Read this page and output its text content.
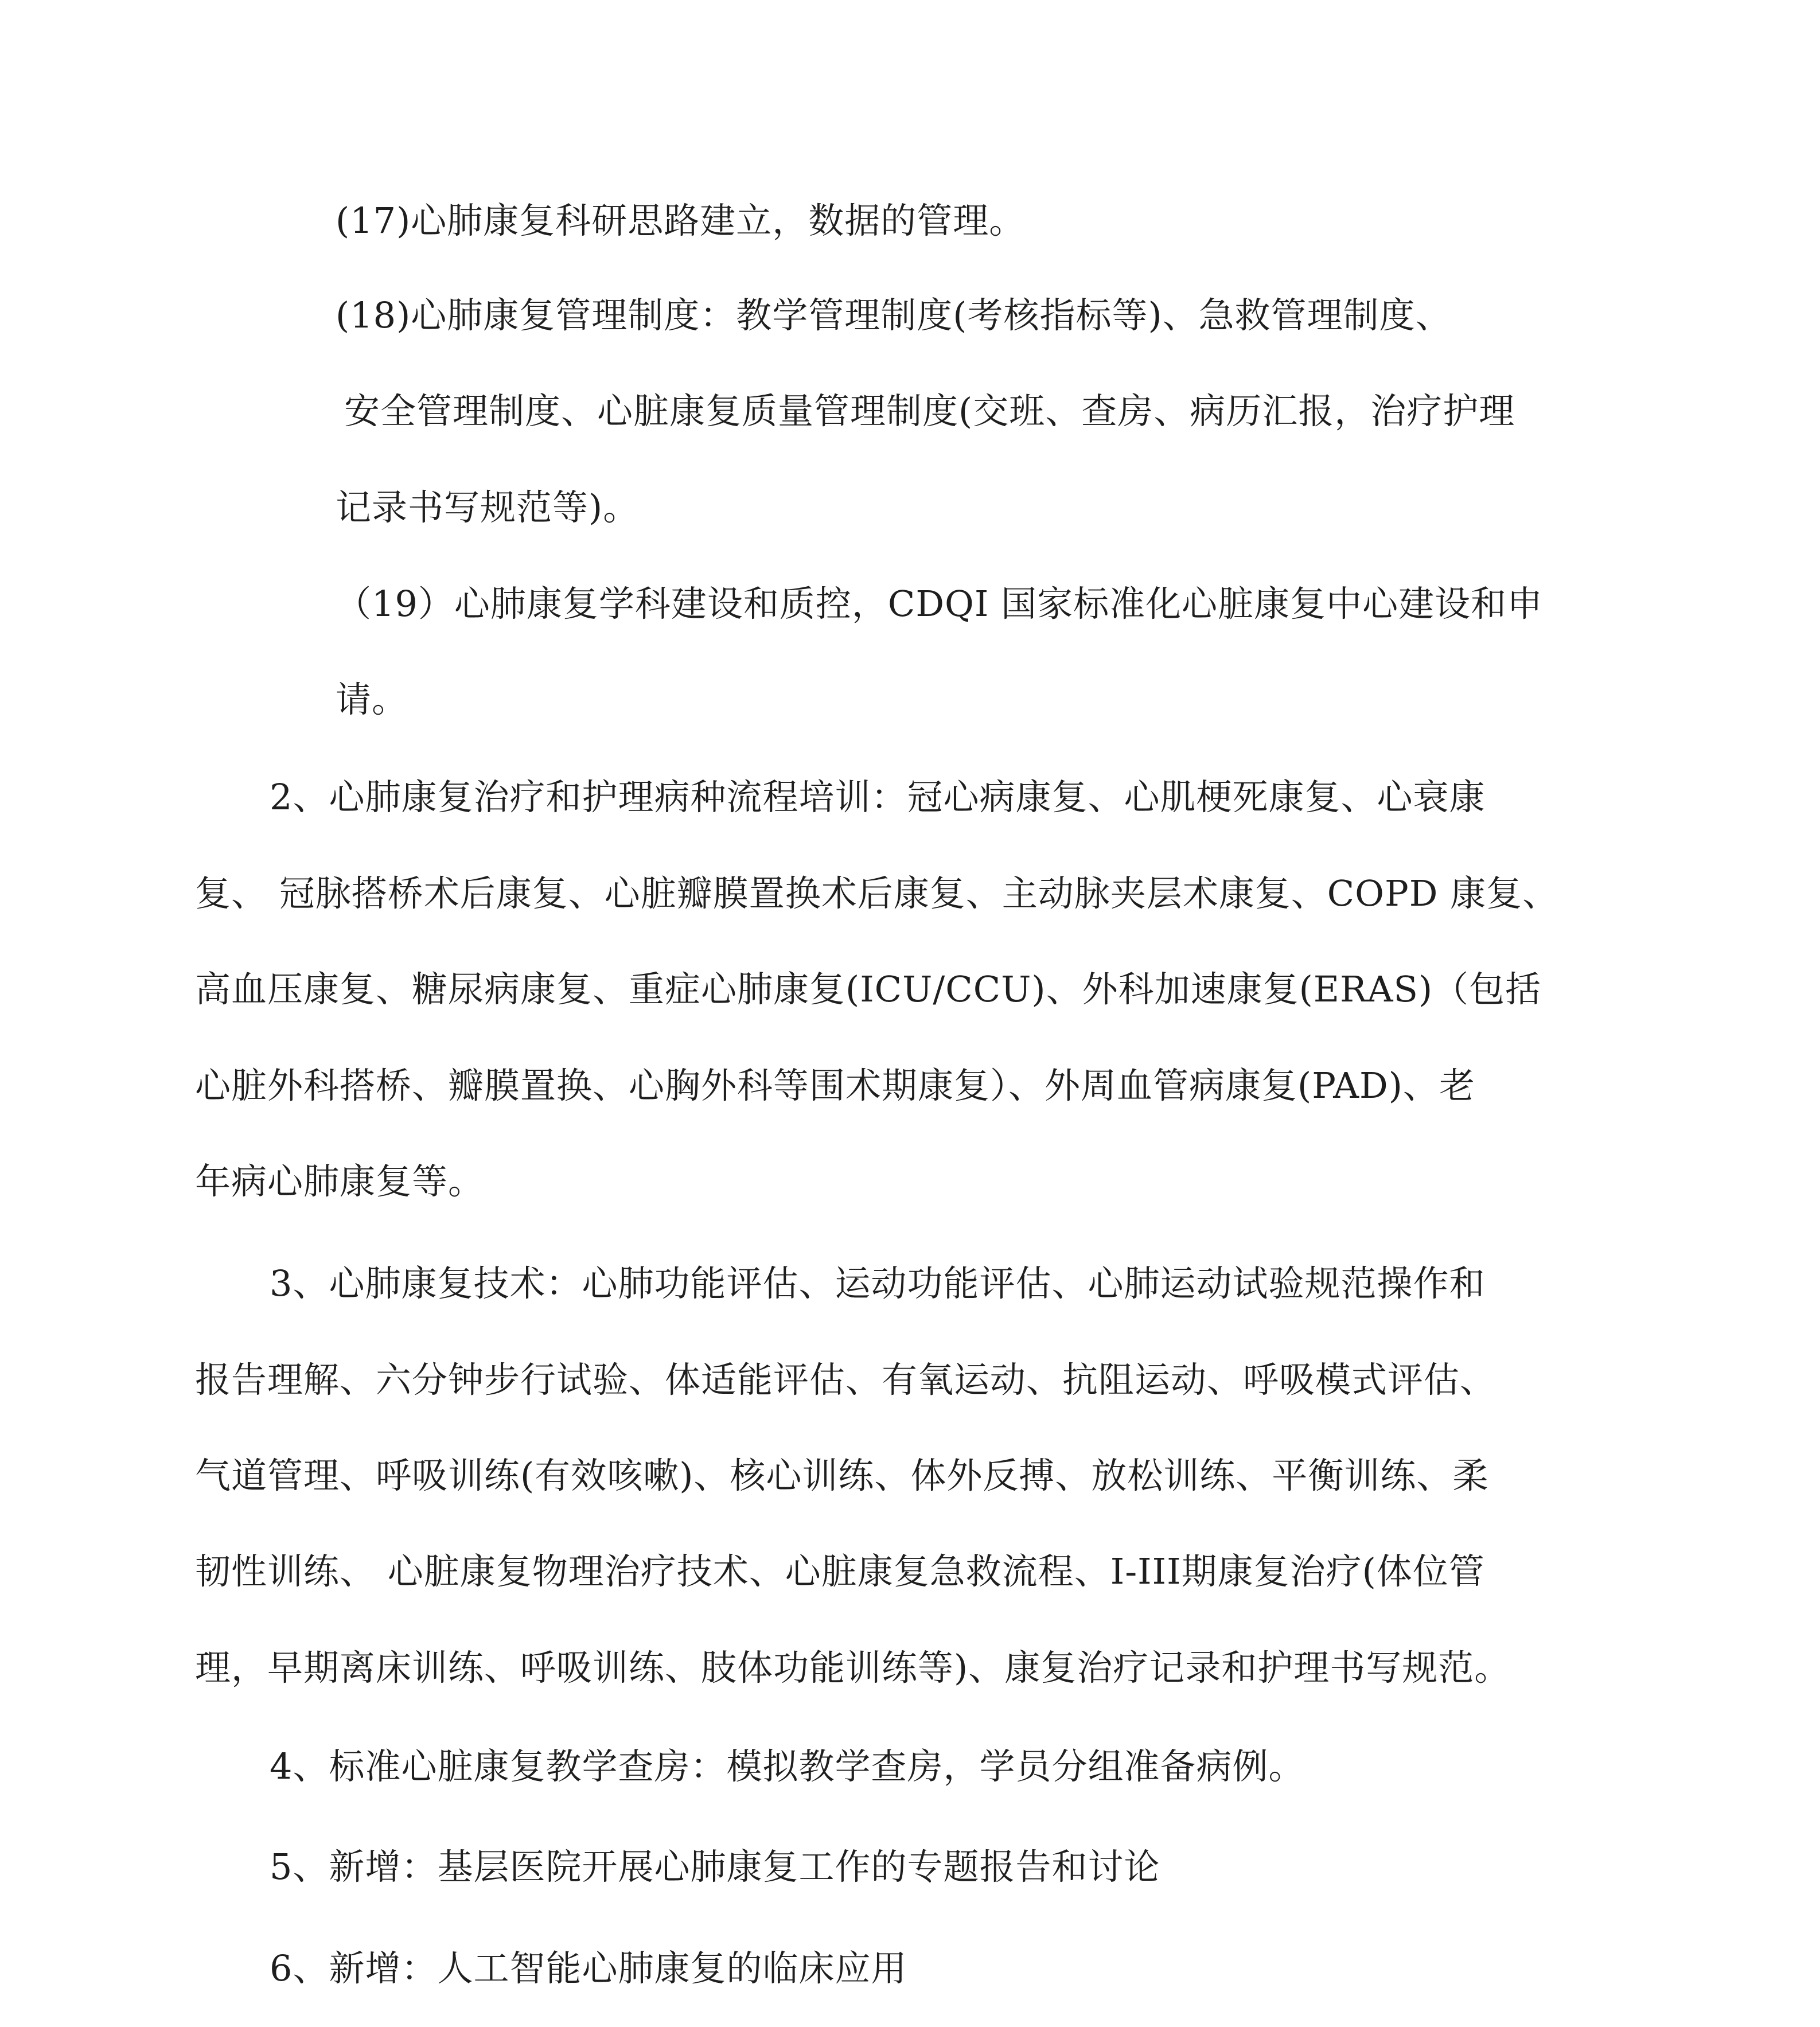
(17)心肺康复科研思路建立，数据的管理。
(18)心肺康复管理制度：教学管理制度(考核指标等)、急救管理制度、
安全管理制度、心脏康复质量管理制度(交班、查房、病历汇报，治疗护理
记录书写规范等)。
（19）心肺康复学科建设和质控，CDQI 国家标准化心脏康复中心建设和申
请。
2、心肺康复治疗和护理病种流程培训：冠心病康复、心肌梗死康复、心衰康
复、 冠脉搭桥术后康复、心脏瓣膜置换术后康复、主动脉夹层术康复、COPD 康复、
高血压康复、糖尿病康复、重症心肺康复(ICU/CCU)、外科加速康复(ERAS)（包括
心脏外科搭桥、瓣膜置换、心胸外科等围术期康复）、外周血管病康复(PAD)、老
年病心肺康复等。
3、心肺康复技术：心肺功能评估、运动功能评估、心肺运动试验规范操作和
报告理解、六分钟步行试验、体适能评估、有氧运动、抗阻运动、呼吸模式评估、
气道管理、呼吸训练(有效咳嗽)、核心训练、体外反搏、放松训练、平衡训练、柔
韧性训练、 心脏康复物理治疗技术、心脏康复急救流程、I-III期康复治疗(体位管
理，早期离床训练、呼吸训练、肢体功能训练等)、康复治疗记录和护理书写规范。
4、标准心脏康复教学查房：模拟教学查房，学员分组准备病例。
5、新增：基层医院开展心肺康复工作的专题报告和讨论
6、新增：人工智能心肺康复的临床应用
